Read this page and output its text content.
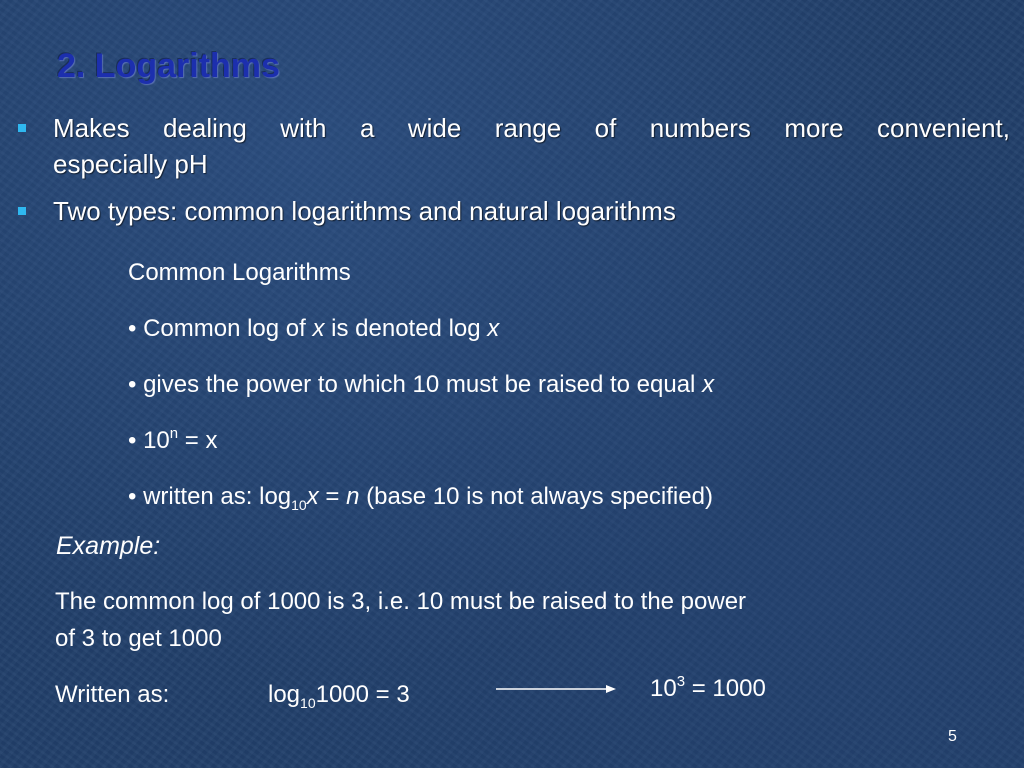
2. Logarithms
Makes dealing with a wide range of numbers more convenient,
especially pH
Two types: common logarithms and natural logarithms
Common Logarithms
• Common log of x is denoted log x
• gives the power to which 10 must be raised to equal x
• $10^n = x$
• written as: $\log_{10}x = n$ (base 10 is not always specified)
Example:
The common log of 1000 is 3, i.e. 10 must be raised to the power
of 3 to get 1000
Written as:	$\log_{10}1000 = 3$	$10^3 = 1000$
5
